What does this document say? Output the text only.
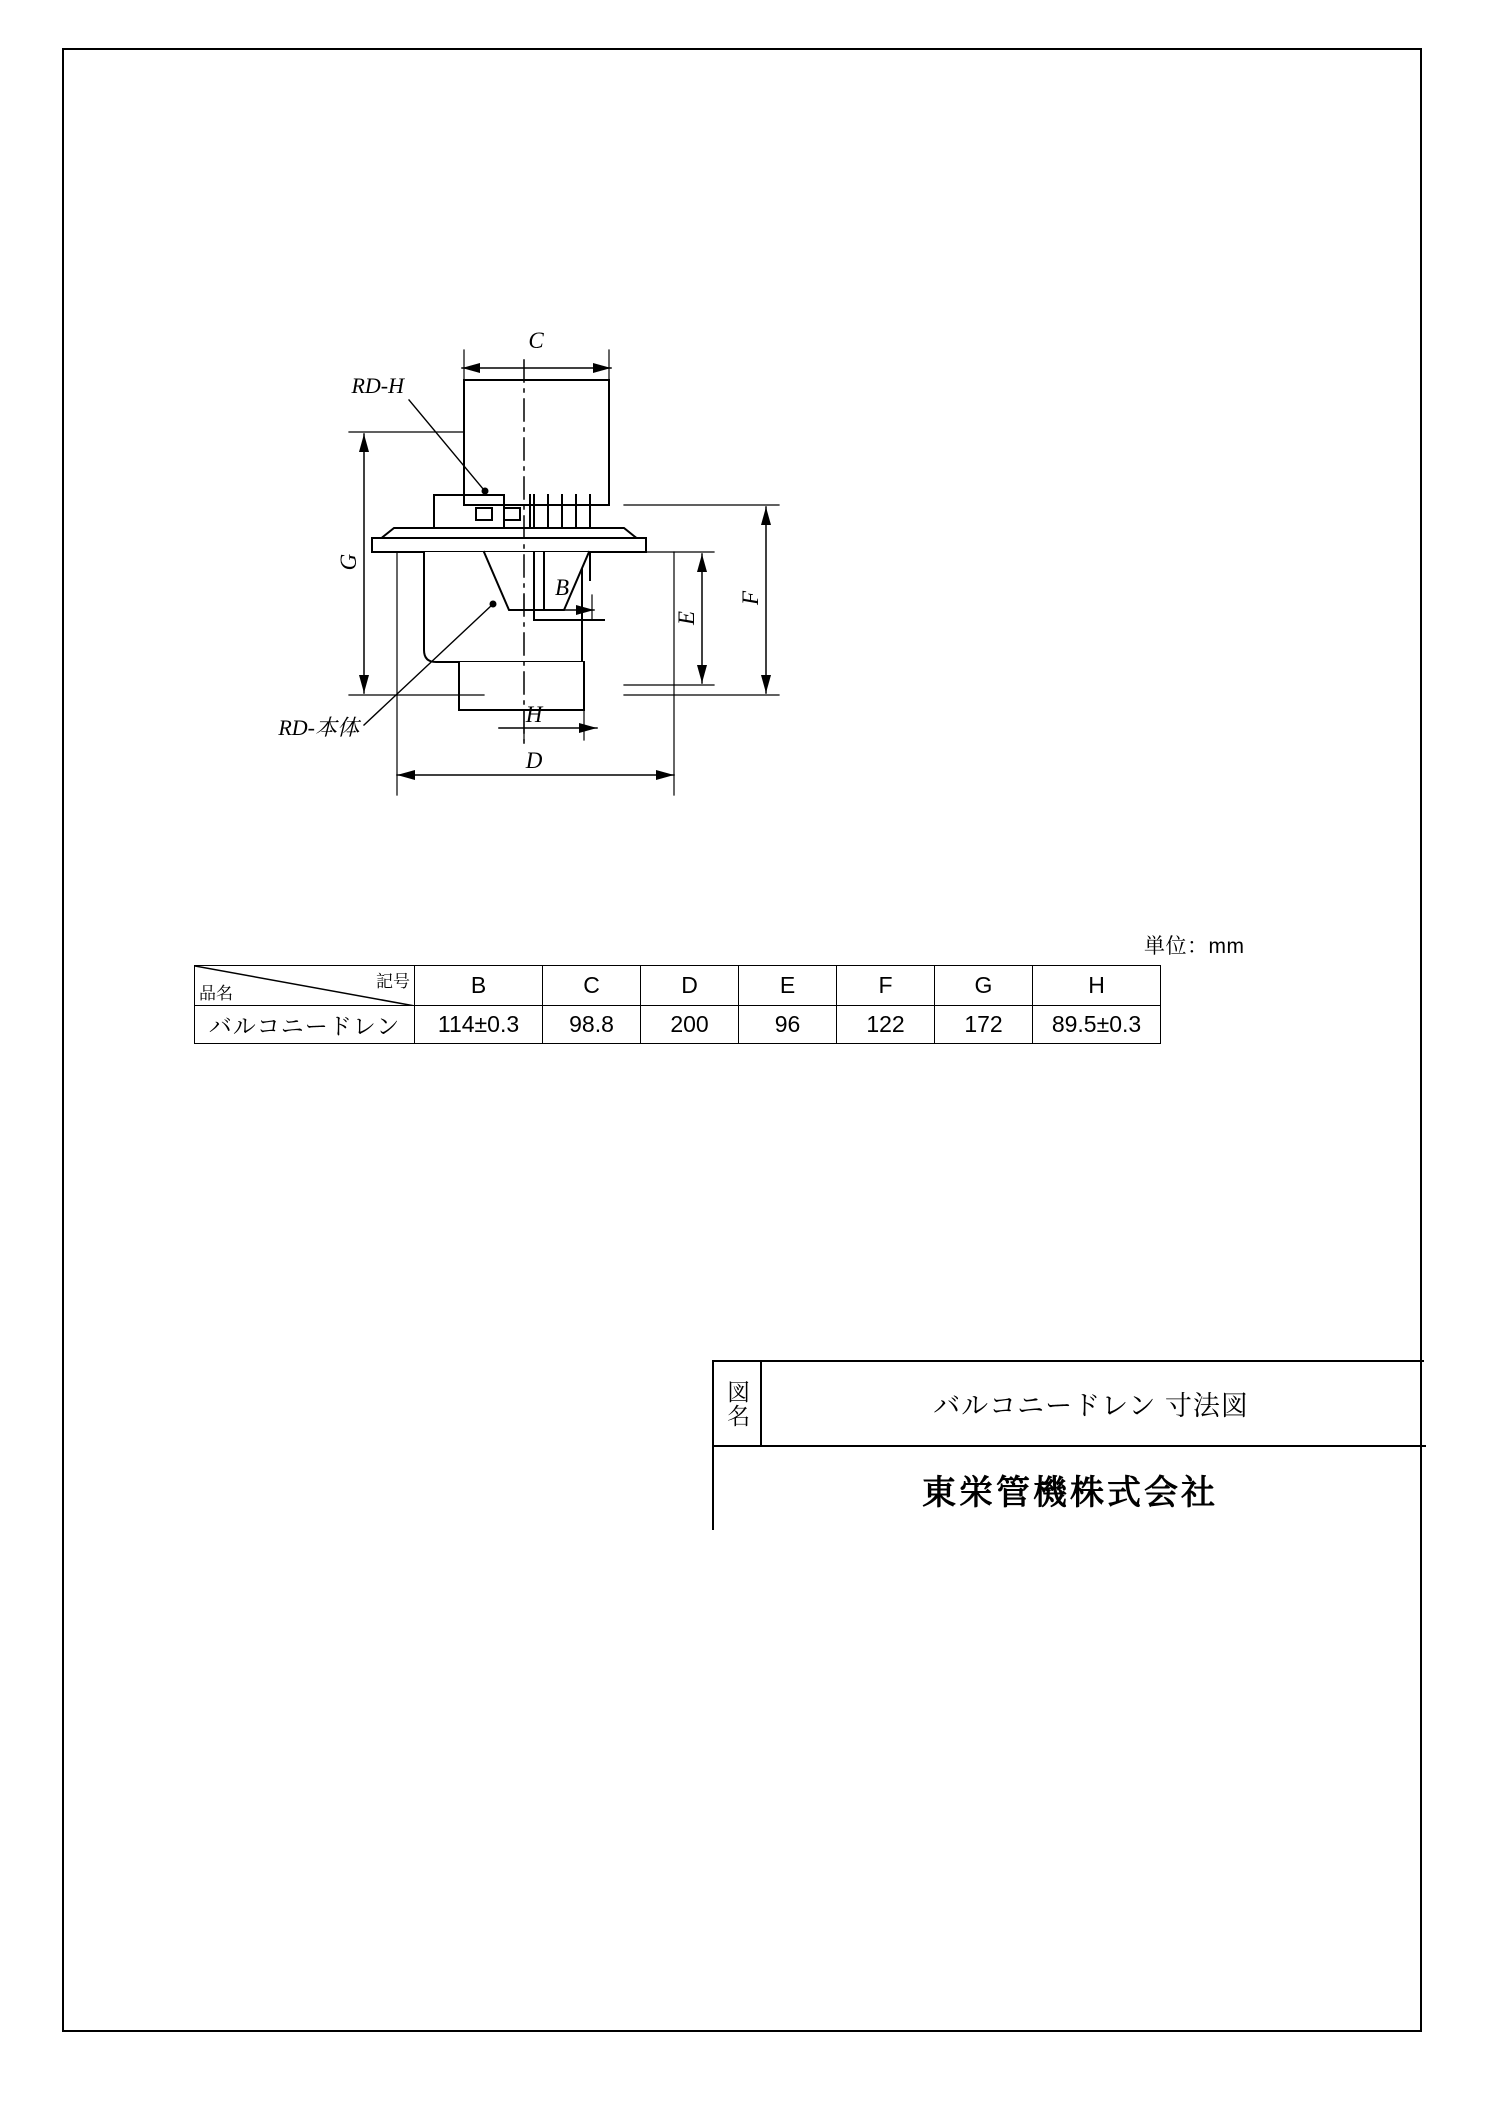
C
B
H
D
G
E
F
RD-H
RD-本体
単位：mm
品名
記号	B	C	D	E	F	G	H
バルコニードレン	114±0.3	98.8	200	96	122	172	89.5±0.3
図名	バルコニードレン 寸法図
東栄管機株式会社
